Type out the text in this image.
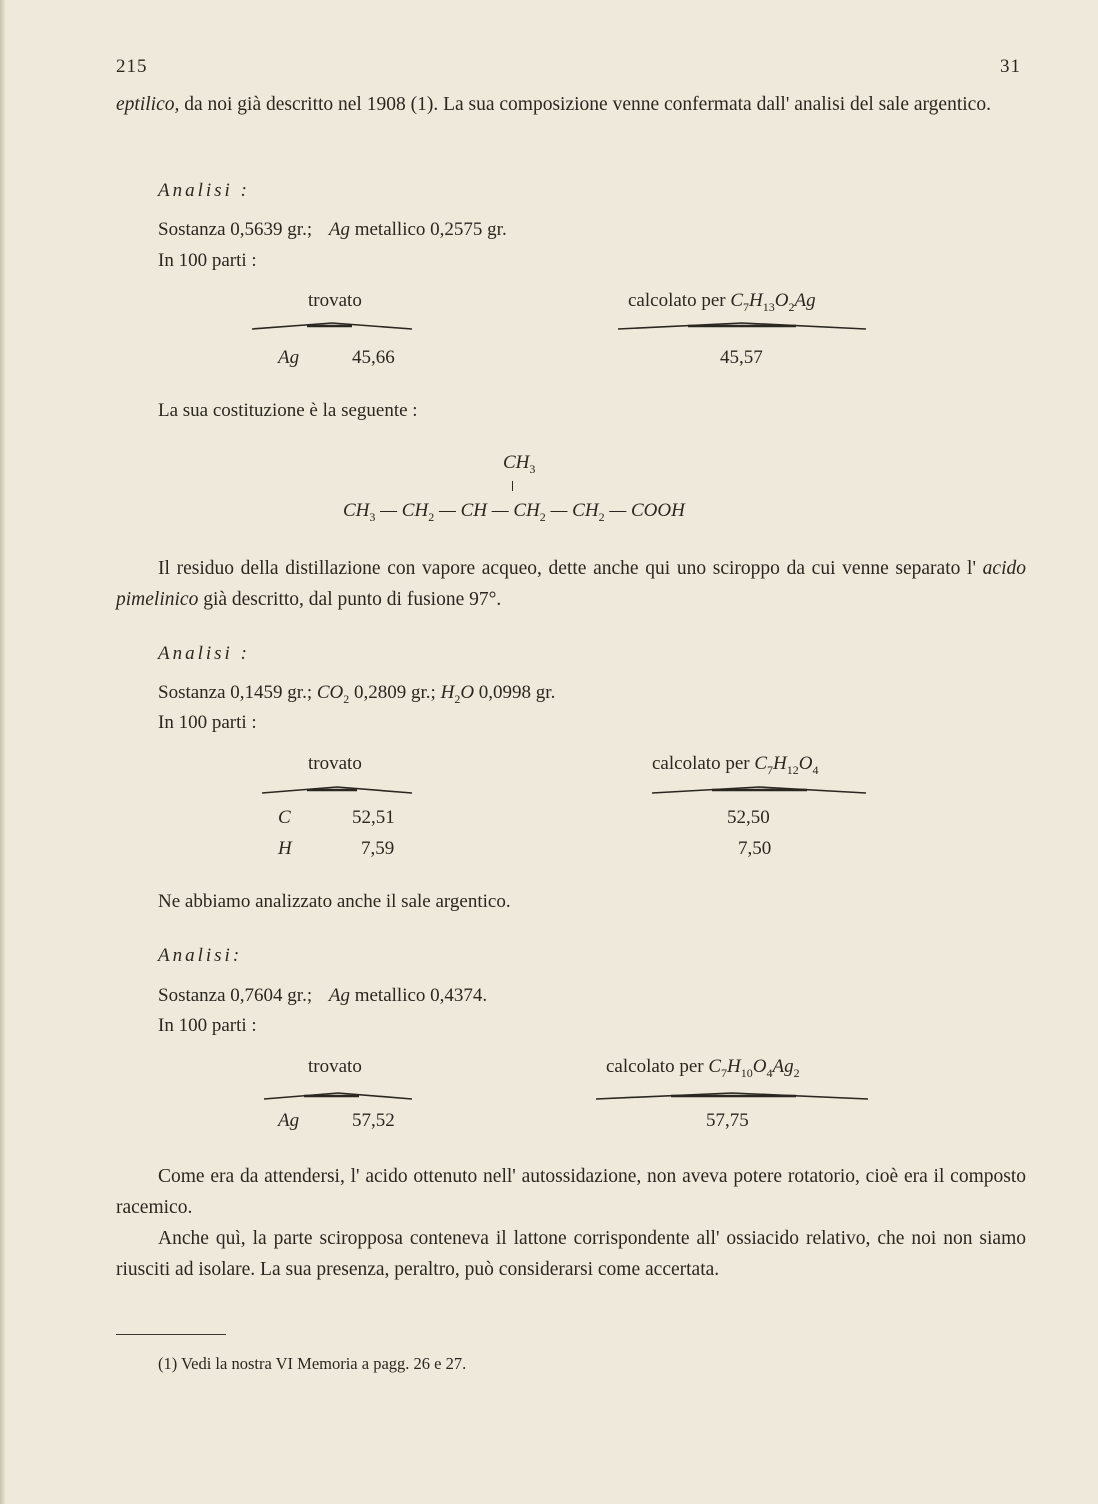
215	31

eptilico, da noi già descritto nel 1908 (1). La sua composizione venne confermata dall' analisi del sale argentico.

Analisi :
Sostanza 0,5639 gr.; Ag metallico 0,2575 gr.
In 100 parti :
trovato	calcolato per $C_7H_{13}O_2Ag$
Ag	45,66	45,57
La sua costituzione è la seguente :
$CH_3$
$CH_3$ — $CH_2$ — CH — $CH_2$ — $CH_2$ — COOH

Il residuo della distillazione con vapore acqueo, dette anche qui uno sciroppo da cui venne separato l' acido pimelinico già descritto, dal punto di fusione 97°.

Analisi :
Sostanza 0,1459 gr.; $CO_2$ 0,2809 gr.; $H_2O$ 0,0998 gr.
In 100 parti :
trovato	calcolato per $C_7H_{12}O_4$
C	52,51	52,50
H	7,59	7,50
Ne abbiamo analizzato anche il sale argentico.
Analisi:
Sostanza 0,7604 gr.; Ag metallico 0,4374.
In 100 parti :
trovato	calcolato per $C_7H_{10}O_4Ag_2$
Ag	57,52	57,75
Come era da attendersi, l' acido ottenuto nell' autossidazione, non aveva potere rotatorio, cioè era il composto racemico.
Anche quì, la parte sciropposa conteneva il lattone corrispondente all' ossiacido relativo, che noi non siamo riusciti ad isolare. La sua presenza, peraltro, può considerarsi come accertata.
(1) Vedi la nostra VI Memoria a pagg. 26 e 27.
